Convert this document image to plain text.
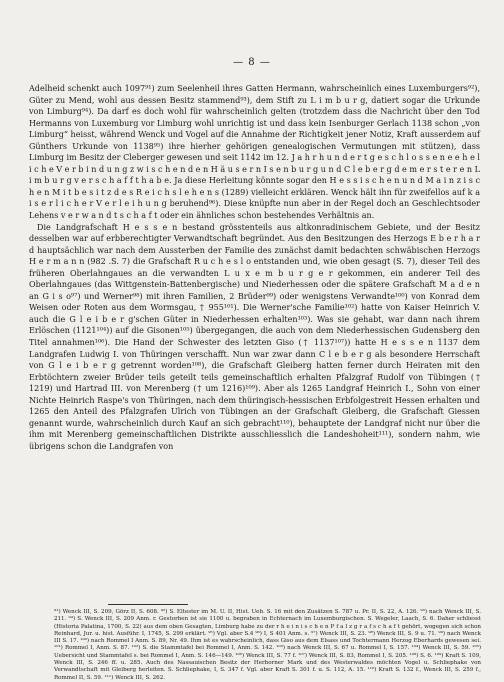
— 8 —

Adelheid schenkt auch 1097⁹¹) zum Seelenheil ihres Gatten Hermann, wahrscheinlich eines Luxemburgers⁹²), Güter zu Mend, wohl aus dessen Besitz stammend⁹³), dem Stift zu L i m b u r g, datiert sogar die Urkunde von Limburg⁹⁴). Da darf es doch wohl für wahrscheinlich gelten (trotzdem dass die Nachricht über den Tod Hermanns von Luxemburg vor Limburg wohl unrichtig ist und dass kein Isenburger Gerlach 1138 schon „von Limburg“ heisst, während Wenck und Vogel auf die Annahme der Richtigkeit jener Notiz, Kraft ausserdem auf Günthers Urkunde von 1138⁹⁵) ihre hierher gehörigen genealogischen Vermutungen mit stützen), dass Limburg im Besitz der Cleberger gewesen und seit 1142 im 12. J a h r h u n d e r t g e s c h l o s s e n e e h e l i c h e V e r b i n d u n g z w i s c h e n d e n H ä u s e r n I s e n b u r g u n d C l e b e r g d e m e r s t e r e n L i m b u r g v e r s c h a f f t h a b e. Ja diese Herleitung könnte sogar den H e s s i s c h e n u n d M a i n z i s c h e n M i t b e s i t z d e s R e i c h s l e h e n s (1289) vielleicht erklären. Wenck hält ihn für zweifellos auf k a i s e r l i c h e r V e r l e i h u n g beruhend⁹⁶). Diese knüpfte nun aber in der Regel doch an Geschlechtsoder Lehens v e r w a n d t s c h a f t oder ein ähnliches schon bestehendes Verhältnis an.

Die Landgrafschaft H e s s e n bestand grösstenteils aus altkonradinischem Gebiete, und der Besitz desselben war auf erbberechtigter Verwandtschaft begründet. Aus den Besitzungen des Herzogs E b e r h a r d hauptsächlich war nach dem Aussterben der Familie des zunächst damit bedachten schwäbischen Herzogs H e r m a n n (982 .S. 7) die Grafschaft R u c h e s l o entstanden und, wie oben gesagt (S. 7), dieser Teil des früheren Oberlahngaues an die verwandten L u x e m b u r g e r gekommen, ein anderer Teil des Oberlahngaues (das Wittgenstein-Battenbergische) und Niederhessen oder die spätere Grafschaft M a d e n an G i s o⁹⁷) und Werner⁹⁸) mit ihren Familien, 2 Brüder⁹⁹) oder wenigstens Verwandte¹⁰⁰) von Konrad dem Weisen oder Roten aus dem Wormsgau, † 955¹⁰¹). Die Werner'sche Familie¹⁰²) hatte von Kaiser Heinrich V. auch die G l e i b e r g'schen Güter in Niederhessen erhalten¹⁰³). Was sie gehabt, war dann nach ihrem Erlöschen (1121¹⁰⁴)) auf die Gisonen¹⁰⁵) übergegangen, die auch von dem Niederhessischen Gudensberg den Titel annahmen¹⁰⁶). Die Hand der Schwester des letzten Giso († 1137¹⁰⁷)) hatte H e s s e n 1137 dem Landgrafen Ludwig I. von Thüringen verschafft. Nun war zwar dann C l e b e r g als besondere Herrschaft von G l e i b e r g getrennt worden¹⁰⁸), die Grafschaft Gleiberg hatten ferner durch Heiraten mit den Erbtöchtern zweier Brüder teils geteilt teils gemeinschaftlich erhalten Pfalzgraf Rudolf von Tübingen († 1219) und Hartrad III. von Merenberg († um 1216)¹⁰⁹). Aber als 1265 Landgraf Heinrich I., Sohn von einer Nichte Heinrich Raspe's von Thüringen, nach dem thüringisch-hessischen Erbfolgestreit Hessen erhalten und 1265 den Anteil des Pfalzgrafen Ulrich von Tübingen an der Grafschaft Gleiberg, die Grafschaft Giessen genannt wurde, wahrscheinlich durch Kauf an sich gebracht¹¹⁰), behauptete der Landgraf nicht nur über die ihm mit Merenberg gemeinschaftlichen Distrikte ausschliesslich die Landeshoheit¹¹¹), sondern nahm, wie übrigens schon die Landgrafen von

⁹¹) Wenck III, S. 209, Görz II, S. 608. ⁹²) S. Eltester im M. U. II, Hist. Ueb. S. 16 mit den Zusätzen S. 787 u. Pr. II, S. 22, A. 126. ⁹³) nach Wenck III, S. 211. ⁹⁴) S. Wenck III, S. 209 Anm. r. Gestorben ist sie 1100 u. begraben in Echternach im Luxemburgischen. S. Wegeler, Laach, S. 6. Daher schliesst (Historia Palatina, 1700, S. 22) aus dem oben Gesagten, Limburg habe zu der r h e i n i s c h e n P f a l z g r a f s c h a f t gehört, wogegen sich schon Reinhard, Jur. u. hist. Ausführ. I, 1745, S. 299 erklärt. ⁹⁵) Vgl. aber S.4 ⁹⁶) I, S 401 Anm. s. ⁹⁷) Wenck III, S. 23. ⁹⁸) Wenck III, S. 9 u. 71. ⁹⁹) nach Wenck III S. 17. ¹⁰⁰) nach Rommel I Anm. S. 89, Nr. 49. Ihm ist es wahrscheinlich, dass Giso aus dem Elsass und Tochtermann Herzog Eberhards gewesen sei. ¹⁰¹) Rommel I, Anm. S. 87. ¹⁰²) S. die Stammtafel bei Rommel I, Anm. S. 142. ¹⁰³) nach Wenck III, S. 67 u. Rommel I, S. 157. ¹⁰⁴) Wenck III, S. 59. ¹⁰⁵) Uebersicht und Stammtafel s. bei Rommel I, Anm. S. 146—149. ¹⁰⁶) Wenck III, S. 77 f. ¹⁰⁷) Wenck III, S. 83, Rommel I, S. 205. ¹⁰⁸) S. 6. ¹⁰⁹) Kraft S. 109, Wenck III, S. 246 ff. u. 285. Auch des Nassauischen Besitz der Herborner Mark und des Westerwaldes möchten Vogel u. Schliephake von Verwandtschaft mit Gleiberg herleiten. S. Schliephake, I, S. 347 f. Vgl. aber Kraft S. 301 f. u. S. 112, A. 15. ¹¹⁰) Kraft S. 132 f., Wenck III, S. 259 f., Rommel II, S. 59. ¹¹¹) Wenck III, S. 262.
